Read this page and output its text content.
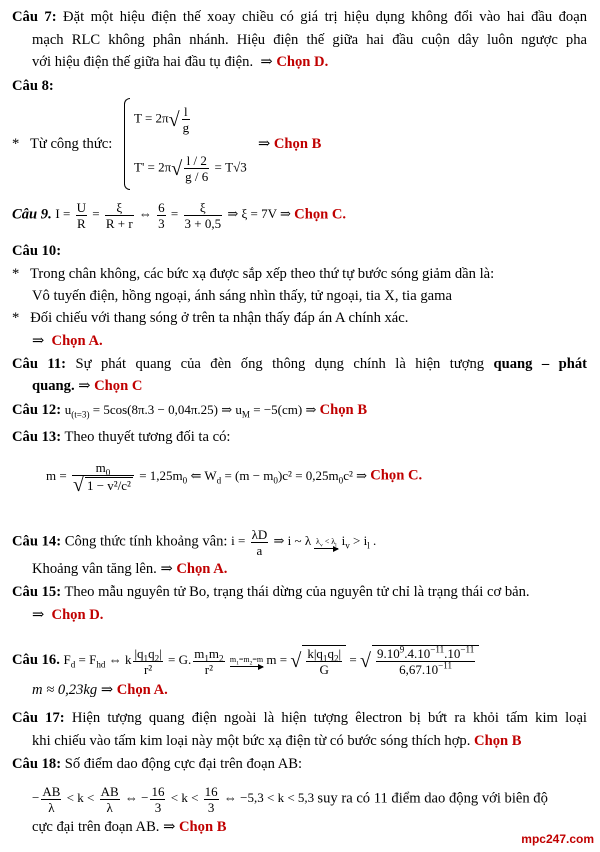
Câu 7: Đặt một hiệu điện thế xoay chiều có giá trị hiệu dụng không đổi vào hai đầu đoạn
mạch RLC không phân nhánh. Hiệu điện thế giữa hai đầu cuộn dây luôn ngược pha
với hiệu điện thế giữa hai đầu tụ điện.  ⇒ Chọn D.
Câu 8:
*   Từ công thức:
$T = 2\pi√ \frac{l}{g}$
$T' = 2\pi√ \frac{l / 2}{g / 6} = T√3$
⇒ Chọn B
Câu 9. $I = \frac{U}{R} = \frac{\xi}{R + r}$ ⇔ $\frac{6}{3} = \frac{\xi}{3 + 0,5}$ ⇒ ξ = 7V ⇒ Chọn C.
Câu 10:
*   Trong chân không, các bức xạ được sắp xếp theo thứ tự bước sóng giảm dần là:
Vô tuyến điện, hồng ngoại, ánh sáng nhìn thấy, tử ngoại, tia X, tia gama
*   Đối chiếu với thang sóng ở trên ta nhận thấy đáp án A chính xác.
⇒  Chọn A.
Câu 11: Sự phát quang của đèn ống thông dụng chính là hiện tượng quang – phát
quang. ⇒ Chọn C
Câu 12: $u_{(t=3)} = 5\cos(8\pi.3 - 0,04\pi.25)$ ⇒ $u_M = -5(cm)$ ⇒ Chọn B
Câu 13: Theo thuyết tương đối ta có:
$m = \frac{m_0}{\text{√ 1 − v²/c²}} = 1,25m_0$ ⇐ $W_d = (m - m_0)c^2 = 0,25m_0c^2$ ⇒ Chọn C.
Câu 14: Công thức tính khoảng vân: $i = \frac{\lambda D}{a}$ ⇒ i ~ λ $\lambda_v < \lambda_l$
$i_v > i_l$ .
Khoảng vân tăng lên. ⇒ Chọn A.
Câu 15: Theo mẫu nguyên tử Bo, trạng thái dừng của nguyên tử chỉ là trạng thái cơ bản.
⇒  Chọn D.
Câu 16. $F_d = F_{hd}$ ⇔ k $\frac{|q_1q_2|}{\text{r²}} = G$. $\frac{m_1m_2}{\text{r²}}$
$m_1=m_2=m$
m = √ $\frac{k|q_1q_2|}{G}$ = √ $\frac{9.10^9.4.10^{-11}.10^{-11}}{6,67.10^{-11}}$
m ≈ 0,23kg ⇒ Chọn A.
Câu 17: Hiện tượng quang điện ngoài là hiện tượng êlectron bị bứt ra khỏi tấm kim loại
khi chiếu vào tấm kim loại này một bức xạ điện từ có bước sóng thích hợp. Chọn B
Câu 18: Số điểm dao động cực đại trên đoạn AB:
− $\frac{AB}{\lambda} < k < \frac{AB}{\lambda}$ ⇔ − $\frac{16}{3} < k < \frac{16}{3}$ ⇔ −5,3 < k < 5,3 suy ra có 11 điểm dao động với biên độ
cực đại trên đoạn AB. ⇒ Chọn B
mpc247.com
